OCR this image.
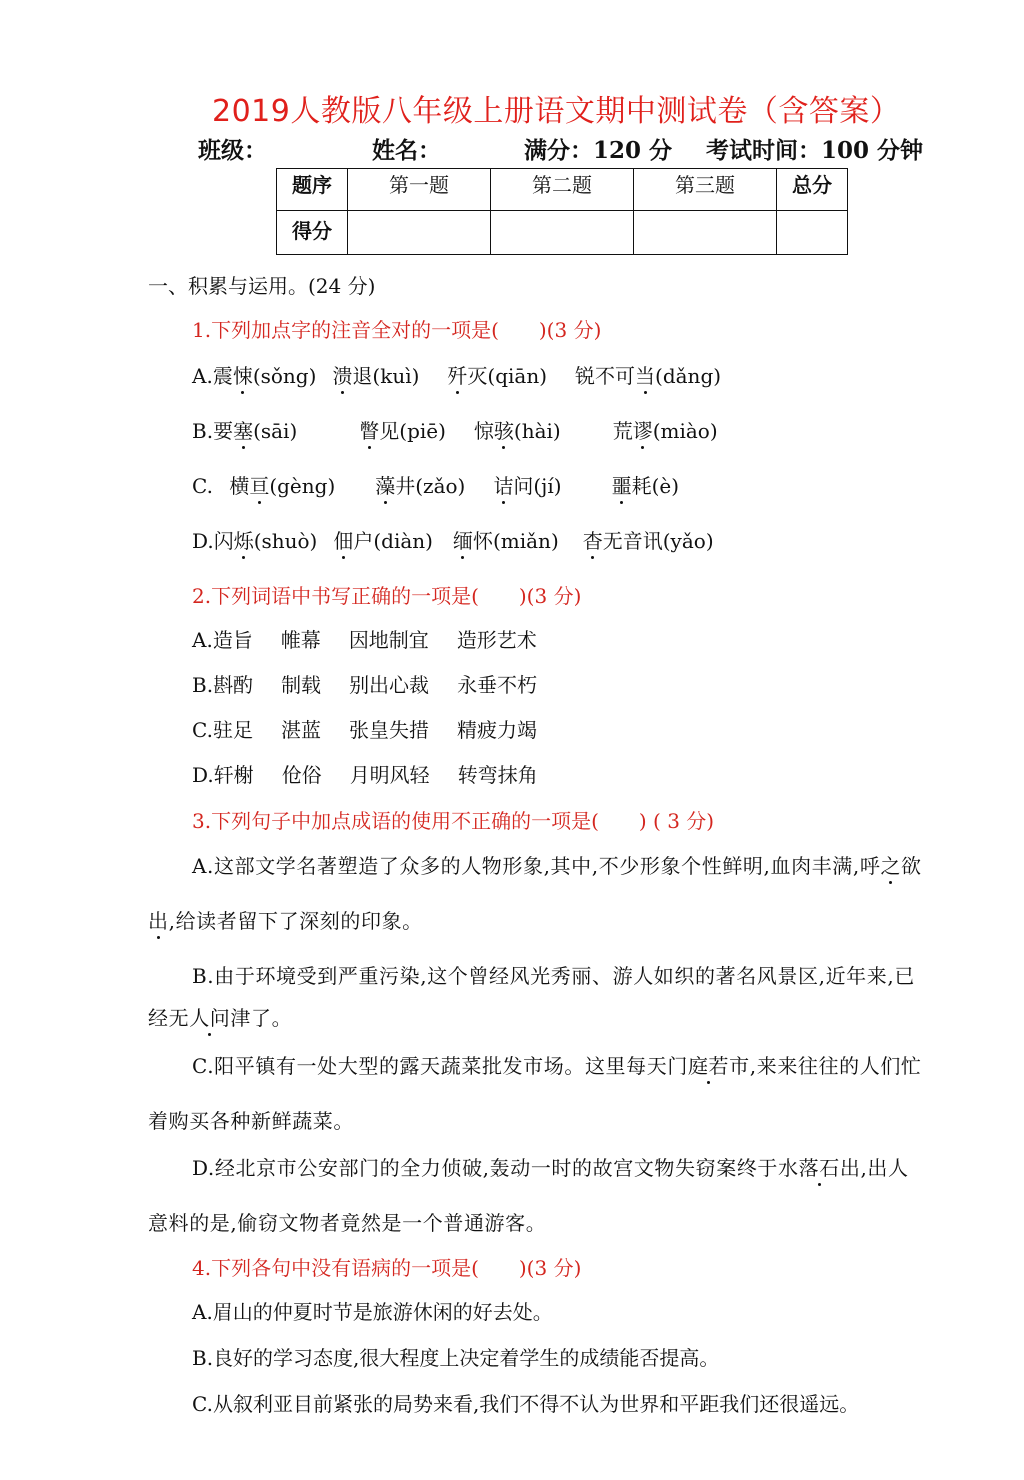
2019人教版八年级上册语文期中测试卷（含答案）
班级：	姓名：	满分：120 分 考试时间：100 分钟
题序	第一题	第二题	第三题	总分
得分				
一、积累与运用。(24 分)
1.下列加点字的注音全对的一项是(　　)(3 分)
A.震悚(sǒng) 溃退(kuì) 歼灭(qiān) 锐不可当(dǎng)
B.要塞(sāi)	瞥见(piē) 惊骇(hài)	荒谬(miào)
C. 横亘(gèng) 藻井(zǎo) 诘问(jí)	噩耗(è)
D.闪烁(shuò) 佃户(diàn) 缅怀(miǎn) 杳无音讯(yǎo)
2.下列词语中书写正确的一项是(　　)(3 分)
A.造旨 帷幕 因地制宜 造形艺术
B.斟酌 制载 别出心裁 永垂不朽
C.驻足 湛蓝 张皇失措 精疲力竭
D.轩榭 伧俗 月明风轻 转弯抹角
3.下列句子中加点成语的使用不正确的一项是(　　) ( 3 分)
A.这部文学名著塑造了众多的人物形象,其中,不少形象个性鲜明,血肉丰满,呼之欲
出,给读者留下了深刻的印象。
B.由于环境受到严重污染,这个曾经风光秀丽、游人如织的著名风景区,近年来,已
经无人问津了。
C.阳平镇有一处大型的露天蔬菜批发市场。这里每天门庭若市,来来往往的人们忙
着购买各种新鲜蔬菜。
D.经北京市公安部门的全力侦破,轰动一时的故宫文物失窃案终于水落石出,出人
意料的是,偷窃文物者竟然是一个普通游客。
4.下列各句中没有语病的一项是(　　)(3 分)
A.眉山的仲夏时节是旅游休闲的好去处。
B.良好的学习态度,很大程度上决定着学生的成绩能否提高。
C.从叙利亚目前紧张的局势来看,我们不得不认为世界和平距我们还很遥远。
